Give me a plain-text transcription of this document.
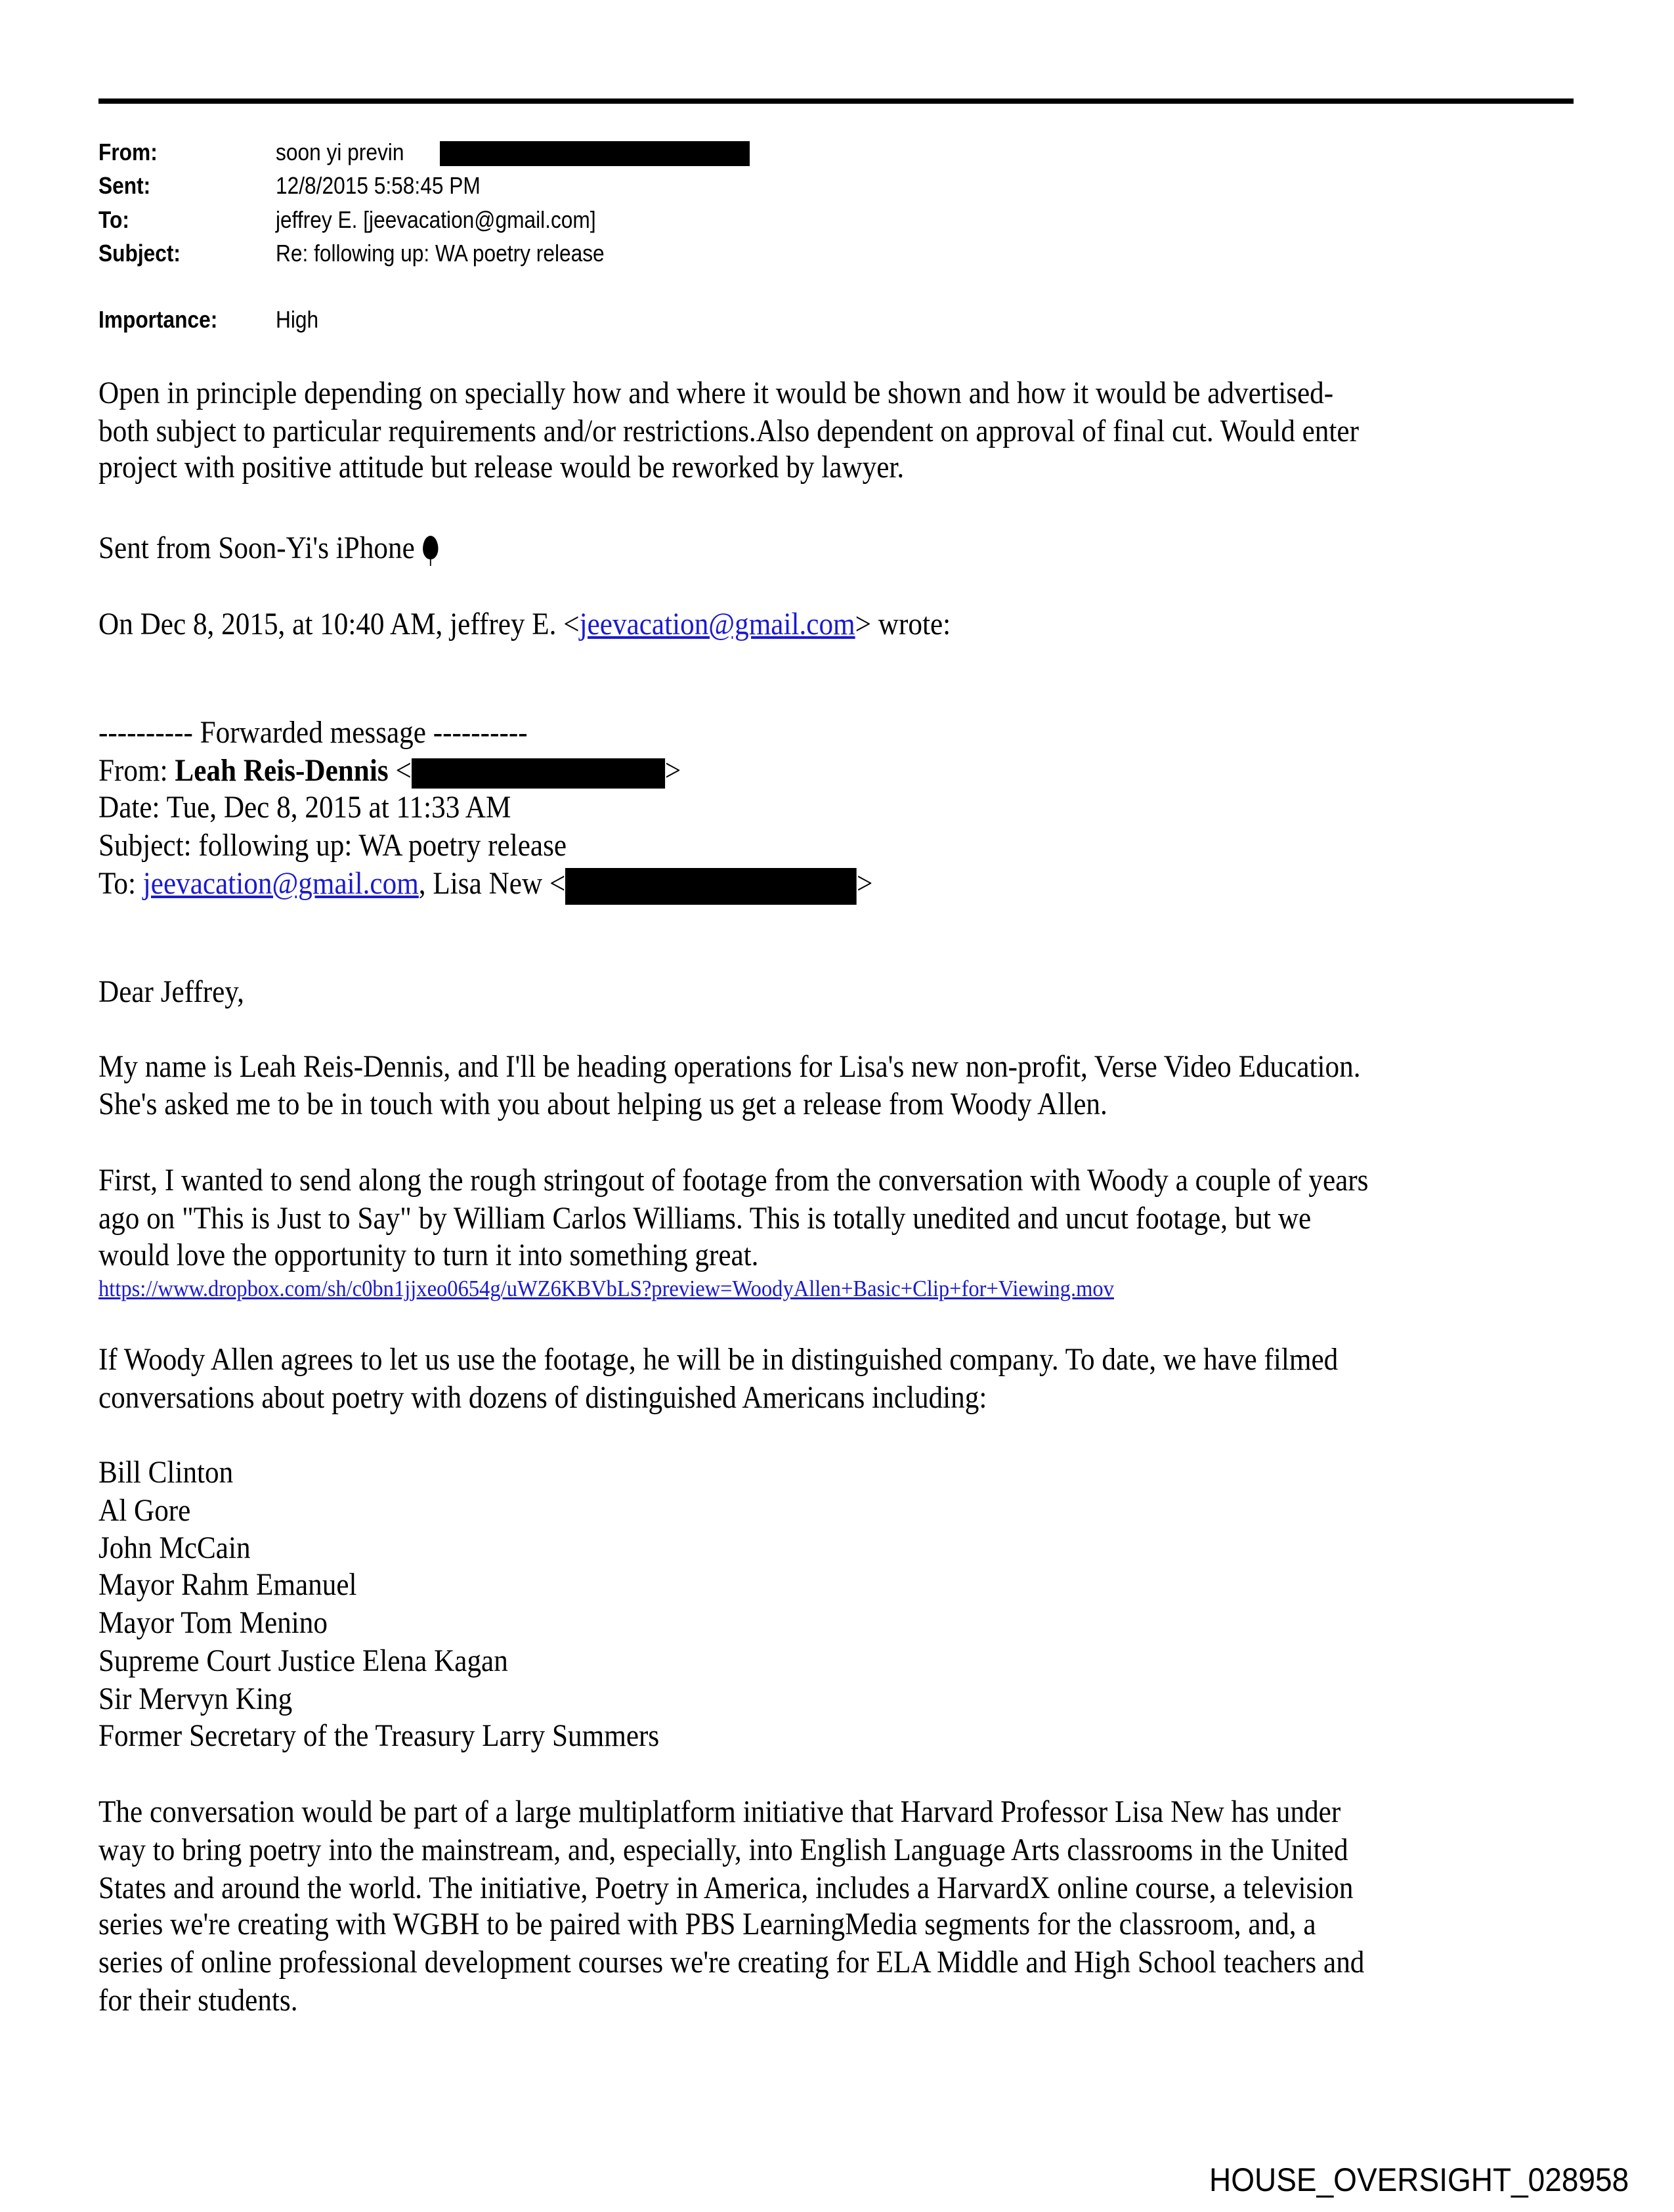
From:	soon yi previn
Sent:	12/8/2015 5:58:45 PM
To:	jeffrey E. [jeevacation@gmail.com]
Subject:	Re: following up: WA poetry release
Importance: High
Open in principle depending on specially how and where it would be shown and how it would be advertised-
both subject to particular requirements and/or restrictions.Also dependent on approval of final cut. Would enter
project with positive attitude but release would be reworked by lawyer.
Sent from Soon-Yi's iPhone
On Dec 8, 2015, at 10:40 AM, jeffrey E. <jeevacation@gmail.com> wrote:
---------- Forwarded message ----------
From: Leah Reis-Dennis <	>
Date: Tue, Dec 8, 2015 at 11:33 AM
Subject: following up: WA poetry release
To: jeevacation@gmail.com, Lisa New <	>
Dear Jeffrey,
My name is Leah Reis-Dennis, and I'll be heading operations for Lisa's new non-profit, Verse Video Education.
She's asked me to be in touch with you about helping us get a release from Woody Allen.
First, I wanted to send along the rough stringout of footage from the conversation with Woody a couple of years
ago on "This is Just to Say" by William Carlos Williams. This is totally unedited and uncut footage, but we
would love the opportunity to turn it into something great.
https://www.dropbox.com/sh/c0bn1jjxeo0654g/uWZ6KBVbLS?preview=WoodyAllen+Basic+Clip+for+Viewing.mov
If Woody Allen agrees to let us use the footage, he will be in distinguished company. To date, we have filmed
conversations about poetry with dozens of distinguished Americans including:
Bill Clinton
Al Gore
John McCain
Mayor Rahm Emanuel
Mayor Tom Menino
Supreme Court Justice Elena Kagan
Sir Mervyn King
Former Secretary of the Treasury Larry Summers
The conversation would be part of a large multiplatform initiative that Harvard Professor Lisa New has under
way to bring poetry into the mainstream, and, especially, into English Language Arts classrooms in the United
States and around the world. The initiative, Poetry in America, includes a HarvardX online course, a television
series we're creating with WGBH to be paired with PBS LearningMedia segments for the classroom, and, a
series of online professional development courses we're creating for ELA Middle and High School teachers and
for their students.
HOUSE_OVERSIGHT_028958
